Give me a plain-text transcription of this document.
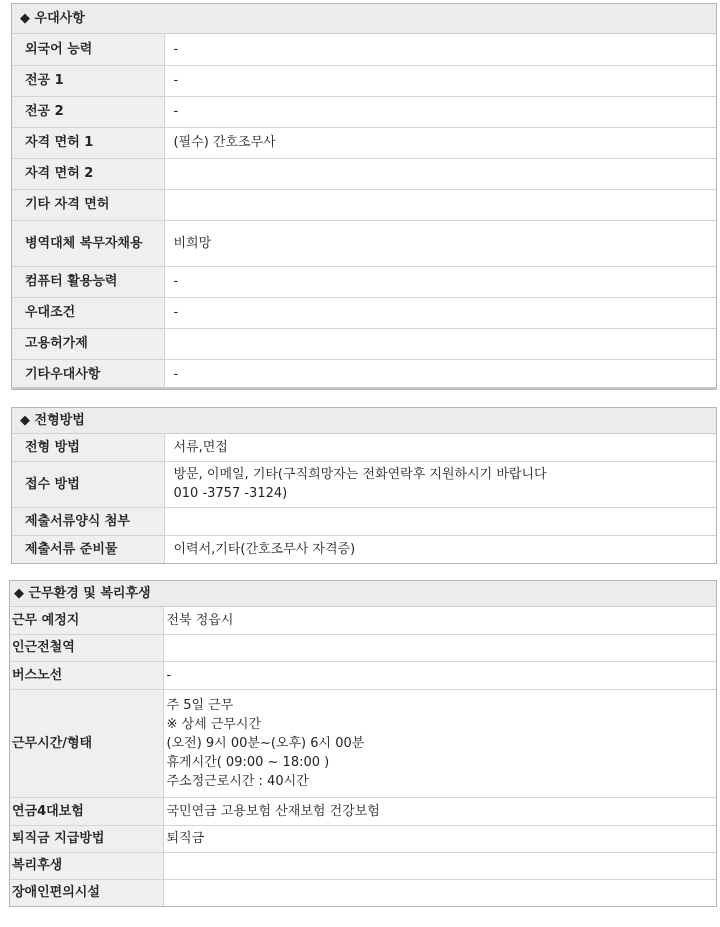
◆ 우대사항
외국어 능력	-
전공 1	-
전공 2	-
자격 면허 1	(필수) 간호조무사
자격 면허 2	
기타 자격 면허	
병역대체 복무자채용	비희망
컴퓨터 활용능력	-
우대조건	-
고용허가제	
기타우대사항	-
◆ 전형방법
전형 방법	서류,면접
접수 방법	방문, 이메일, 기타(구직희망자는 전화연락후 지원하시기 바랍니다
010 -3757 -3124)
제출서류양식 첨부	
제출서류 준비물	이력서,기타(간호조무사 자격증)
◆ 근무환경 및 복리후생
근무 예정지	전북 정읍시
인근전철역	
버스노선	-
근무시간/형태	주 5일 근무
※ 상세 근무시간
(오전) 9시 00분~(오후) 6시 00분
휴게시간( 09:00 ~ 18:00 )
주소정근로시간 : 40시간
연금4대보험	국민연금 고용보험 산재보험 건강보험
퇴직금 지급방법	퇴직금
복리후생	
장애인편의시설	
